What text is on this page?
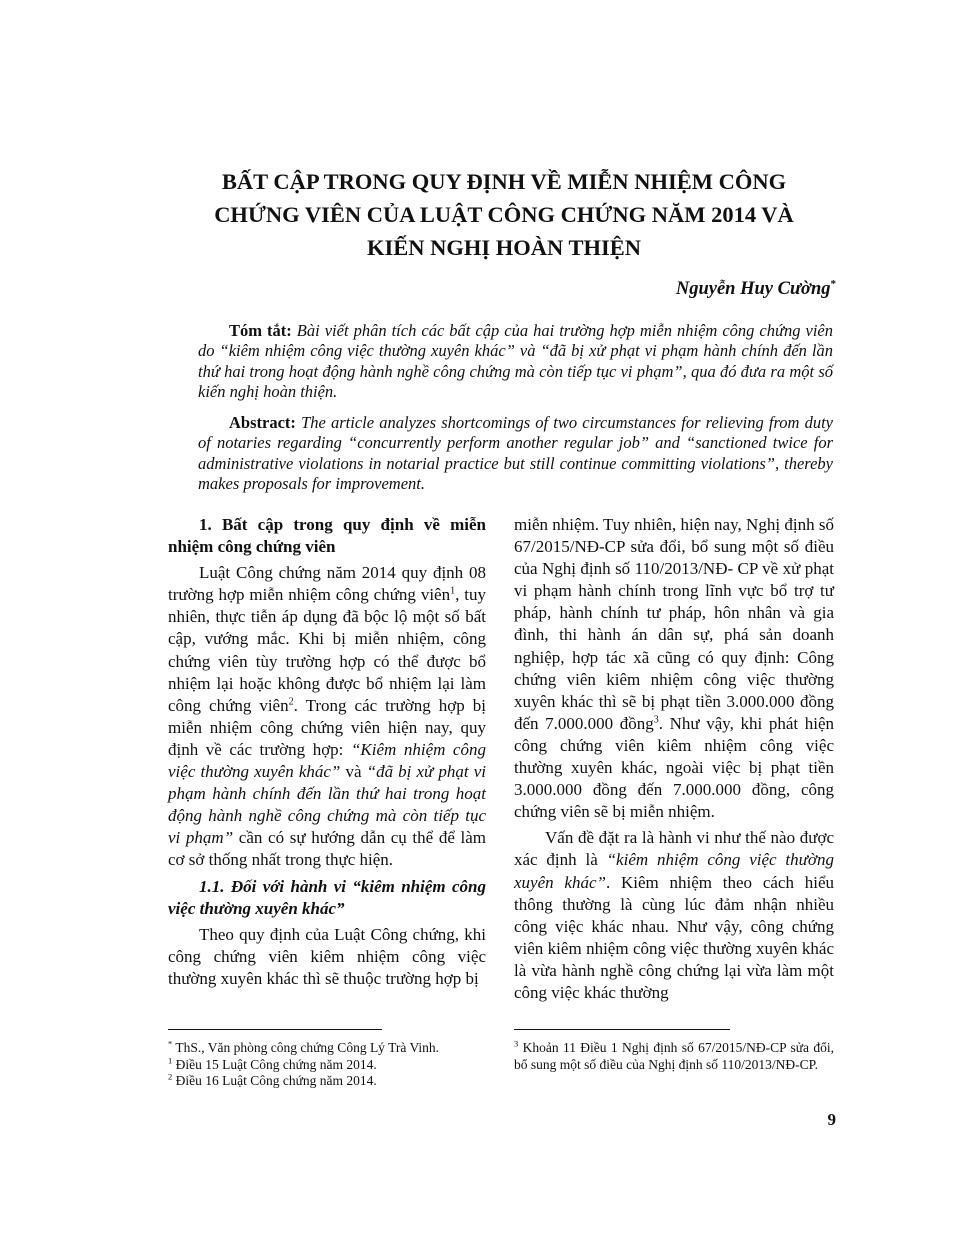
BẤT CẬP TRONG QUY ĐỊNH VỀ MIỄN NHIỆM CÔNG
CHỨNG VIÊN CỦA LUẬT CÔNG CHỨNG NĂM 2014 VÀ
KIẾN NGHỊ HOÀN THIỆN
Nguyễn Huy Cường*
Tóm tắt: Bài viết phân tích các bất cập của hai trường hợp miễn nhiệm công chứng viên do “kiêm nhiệm công việc thường xuyên khác” và “đã bị xử phạt vi phạm hành chính đến lần thứ hai trong hoạt động hành nghề công chứng mà còn tiếp tục vi phạm”, qua đó đưa ra một số kiến nghị hoàn thiện.
Abstract: The article analyzes shortcomings of two circumstances for relieving from duty of notaries regarding “concurrently perform another regular job” and “sanctioned twice for administrative violations in notarial practice but still continue committing violations”, thereby makes proposals for improvement.

1. Bất cập trong quy định về miễn nhiệm công chứng viên

Luật Công chứng năm 2014 quy định 08 trường hợp miễn nhiệm công chứng viên$^1$, tuy nhiên, thực tiễn áp dụng đã bộc lộ một số bất cập, vướng mắc. Khi bị miễn nhiệm, công chứng viên tùy trường hợp có thể được bổ nhiệm lại hoặc không được bổ nhiệm lại làm công chứng viên$^2$. Trong các trường hợp bị miễn nhiệm công chứng viên hiện nay, quy định về các trường hợp: “Kiêm nhiệm công việc thường xuyên khác” và “đã bị xử phạt vi phạm hành chính đến lần thứ hai trong hoạt động hành nghề công chứng mà còn tiếp tục vi phạm” cần có sự hướng dẫn cụ thể để làm cơ sở thống nhất trong thực hiện.

1.1. Đối với hành vi “kiêm nhiệm công việc thường xuyên khác”

Theo quy định của Luật Công chứng, khi công chứng viên kiêm nhiệm công việc thường xuyên khác thì sẽ thuộc trường hợp bị

miễn nhiệm. Tuy nhiên, hiện nay, Nghị định số 67/2015/NĐ-CP sửa đổi, bổ sung một số điều của Nghị định số 110/2013/NĐ- CP về xử phạt vi phạm hành chính trong lĩnh vực bổ trợ tư pháp, hành chính tư pháp, hôn nhân và gia đình, thi hành án dân sự, phá sản doanh nghiệp, hợp tác xã cũng có quy định: Công chứng viên kiêm nhiệm công việc thường xuyên khác thì sẽ bị phạt tiền 3.000.000 đồng đến 7.000.000 đồng$^3$. Như vậy, khi phát hiện công chứng viên kiêm nhiệm công việc thường xuyên khác, ngoài việc bị phạt tiền 3.000.000 đồng đến 7.000.000 đồng, công chứng viên sẽ bị miễn nhiệm.

Vấn đề đặt ra là hành vi như thế nào được xác định là “kiêm nhiệm công việc thường xuyên khác”. Kiêm nhiệm theo cách hiểu thông thường là cùng lúc đảm nhận nhiều công việc khác nhau. Như vậy, công chứng viên kiêm nhiệm công việc thường xuyên khác là vừa hành nghề công chứng lại vừa làm một công việc khác thường

* ThS., Văn phòng công chứng Công Lý Trà Vinh.
$^1$ Điều 15 Luật Công chứng năm 2014.
$^2$ Điều 16 Luật Công chứng năm 2014.
$^3$ Khoản 11 Điều 1 Nghị định số 67/2015/NĐ-CP sửa đổi, bổ sung một số điều của Nghị định số 110/2013/NĐ-CP.
9
